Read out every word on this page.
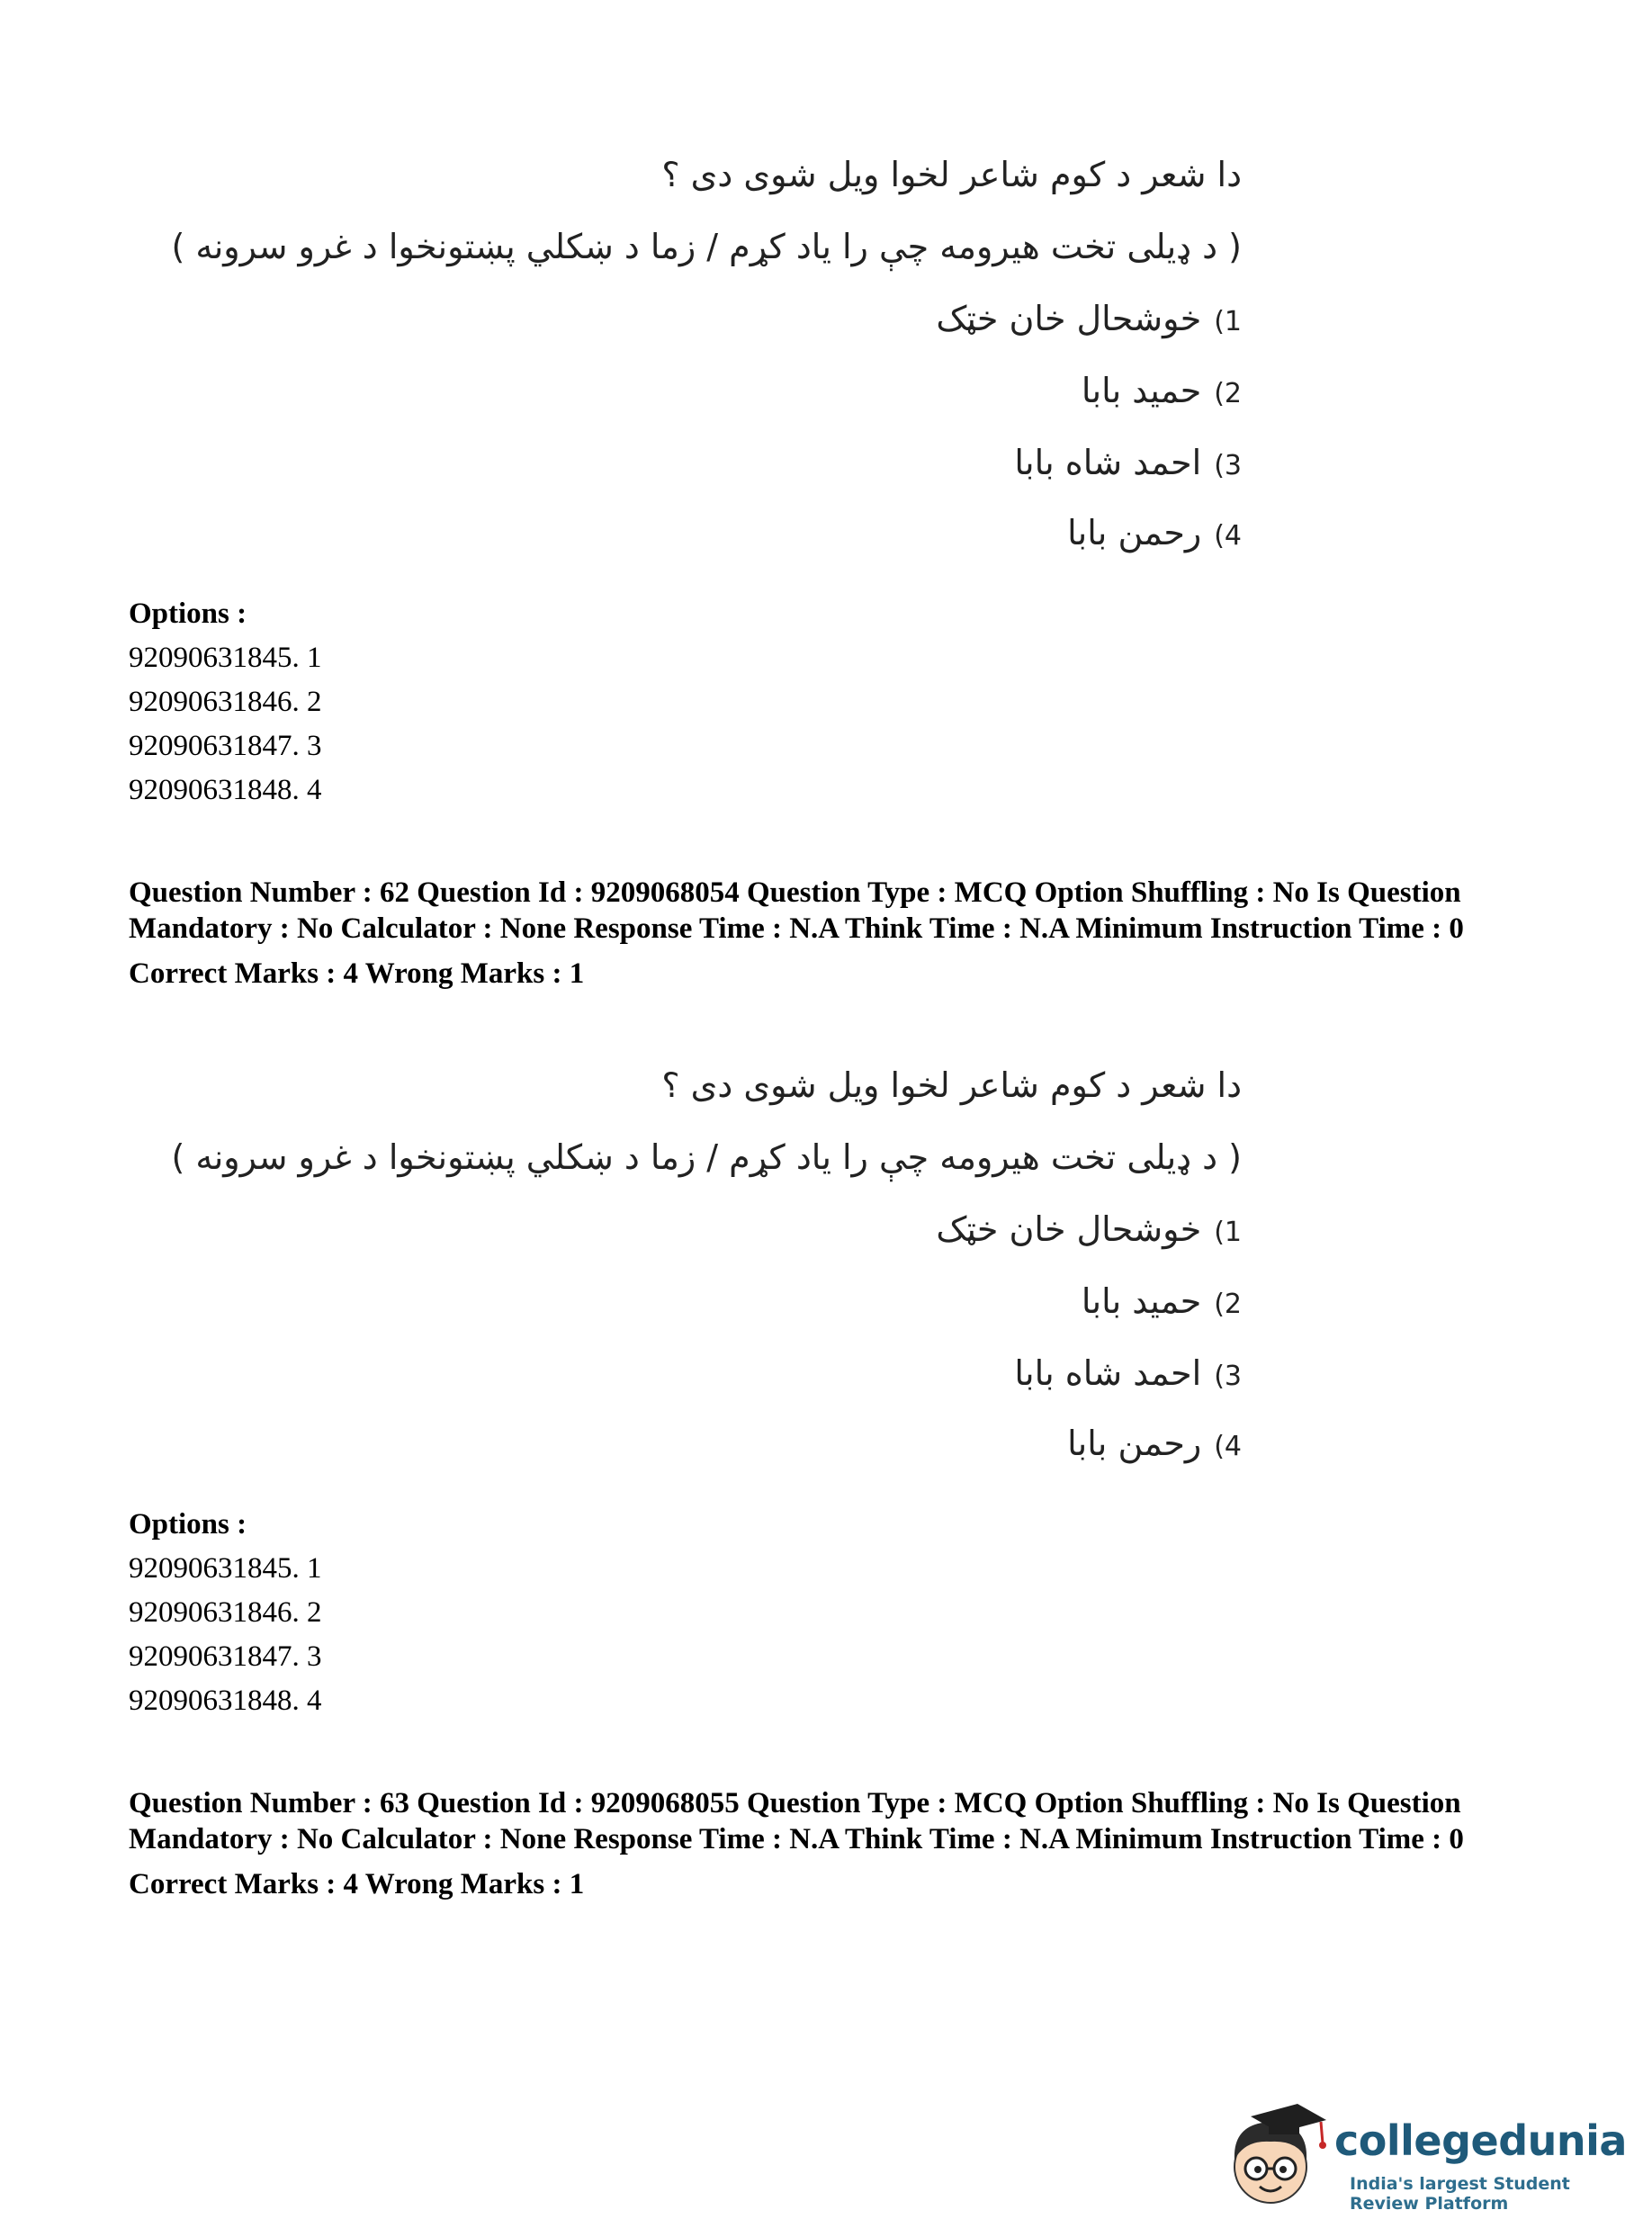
دا شعر د کوم شاعر لخوا ویل شوی دی ؟
( د ډیلی تخت هیرومه چې را یاد کړم / زما د ښکلي پښتونخوا د غرو سرونه )
1)خوشحال خان خټک
2)حمید بابا
3)احمد شاه بابا
4)رحمن بابا
Options :
92090631845. 1
92090631846. 2
92090631847. 3
92090631848. 4
Question Number : 62 Question Id : 9209068054 Question Type : MCQ Option Shuffling : No Is Question Mandatory : No Calculator : None Response Time : N.A Think Time : N.A Minimum Instruction Time : 0
Correct Marks : 4 Wrong Marks : 1
دا شعر د کوم شاعر لخوا ویل شوی دی ؟
( د ډیلی تخت هیرومه چې را یاد کړم / زما د ښکلي پښتونخوا د غرو سرونه )
1)خوشحال خان خټک
2)حمید بابا
3)احمد شاه بابا
4)رحمن بابا
Options :
92090631845. 1
92090631846. 2
92090631847. 3
92090631848. 4
Question Number : 63 Question Id : 9209068055 Question Type : MCQ Option Shuffling : No Is Question Mandatory : No Calculator : None Response Time : N.A Think Time : N.A Minimum Instruction Time : 0
Correct Marks : 4 Wrong Marks : 1
collegedunia
India's largest Student Review Platform
